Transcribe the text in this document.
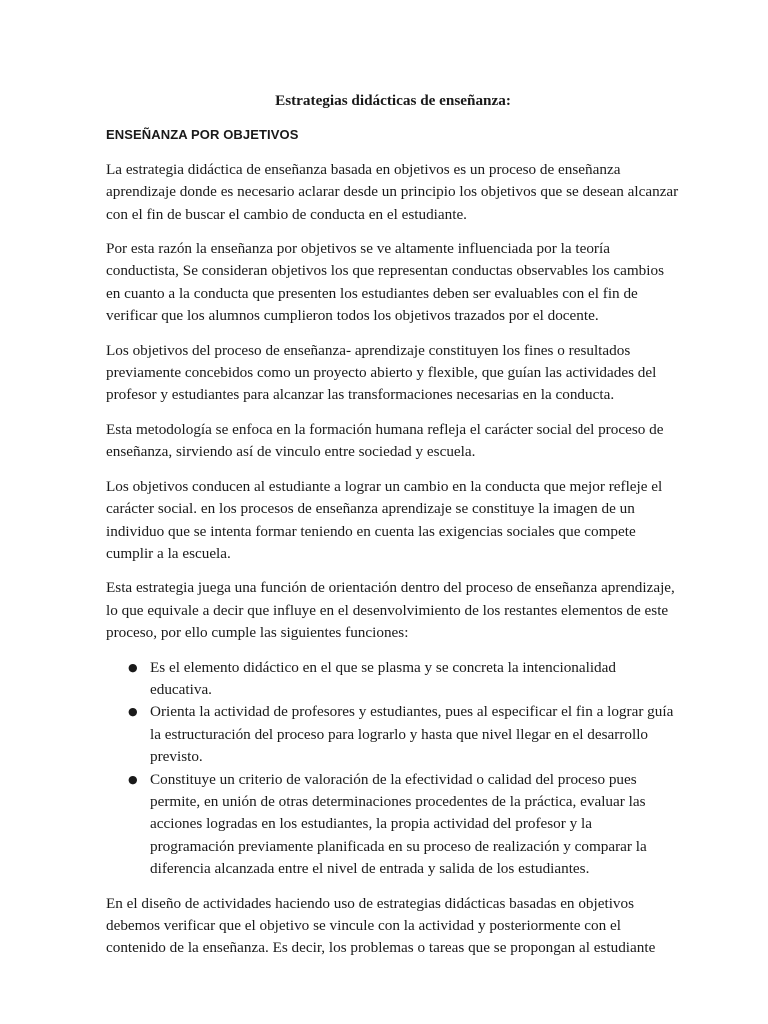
Estrategias didácticas de enseñanza:
ENSEÑANZA POR OBJETIVOS

La estrategia didáctica de enseñanza basada en objetivos es un proceso de enseñanza aprendizaje donde es necesario aclarar desde un principio los objetivos que se desean alcanzar con el fin de buscar el cambio de conducta en el estudiante.

Por esta razón la enseñanza por objetivos se ve altamente influenciada por la teoría conductista, Se consideran objetivos los que representan conductas observables los cambios en cuanto a la conducta que presenten los estudiantes deben ser evaluables con el fin de verificar que los alumnos cumplieron todos los objetivos trazados por el docente.

Los objetivos del proceso de enseñanza- aprendizaje constituyen los fines o resultados previamente concebidos como un proyecto abierto y flexible, que guían las actividades del profesor y estudiantes para alcanzar las transformaciones necesarias en la conducta.

Esta metodología se enfoca en la formación humana refleja el carácter social del proceso de enseñanza, sirviendo así de vinculo entre sociedad y escuela.

Los objetivos conducen al estudiante a lograr un cambio en la conducta que mejor refleje el carácter social. en los procesos de enseñanza aprendizaje se constituye la imagen de un individuo que se intenta formar teniendo en cuenta las exigencias sociales que compete cumplir a la escuela.

Esta estrategia juega una función de orientación dentro del proceso de enseñanza aprendizaje, lo que equivale a decir que influye en el desenvolvimiento de los restantes elementos de este proceso, por ello cumple las siguientes funciones:

● Es el elemento didáctico en el que se plasma y se concreta la intencionalidad educativa.
● Orienta la actividad de profesores y estudiantes, pues al especificar el fin a lograr guía la estructuración del proceso para lograrlo y hasta que nivel llegar en el desarrollo previsto.
● Constituye un criterio de valoración de la efectividad o calidad del proceso pues permite, en unión de otras determinaciones procedentes de la práctica, evaluar las acciones logradas en los estudiantes, la propia actividad del profesor y la programación previamente planificada en su proceso de realización y comparar la diferencia alcanzada entre el nivel de entrada y salida de los estudiantes.

En el diseño de actividades haciendo uso de estrategias didácticas basadas en objetivos debemos verificar que el objetivo se vincule con la actividad y posteriormente con el contenido de la enseñanza. Es decir, los problemas o tareas que se propongan al estudiante
